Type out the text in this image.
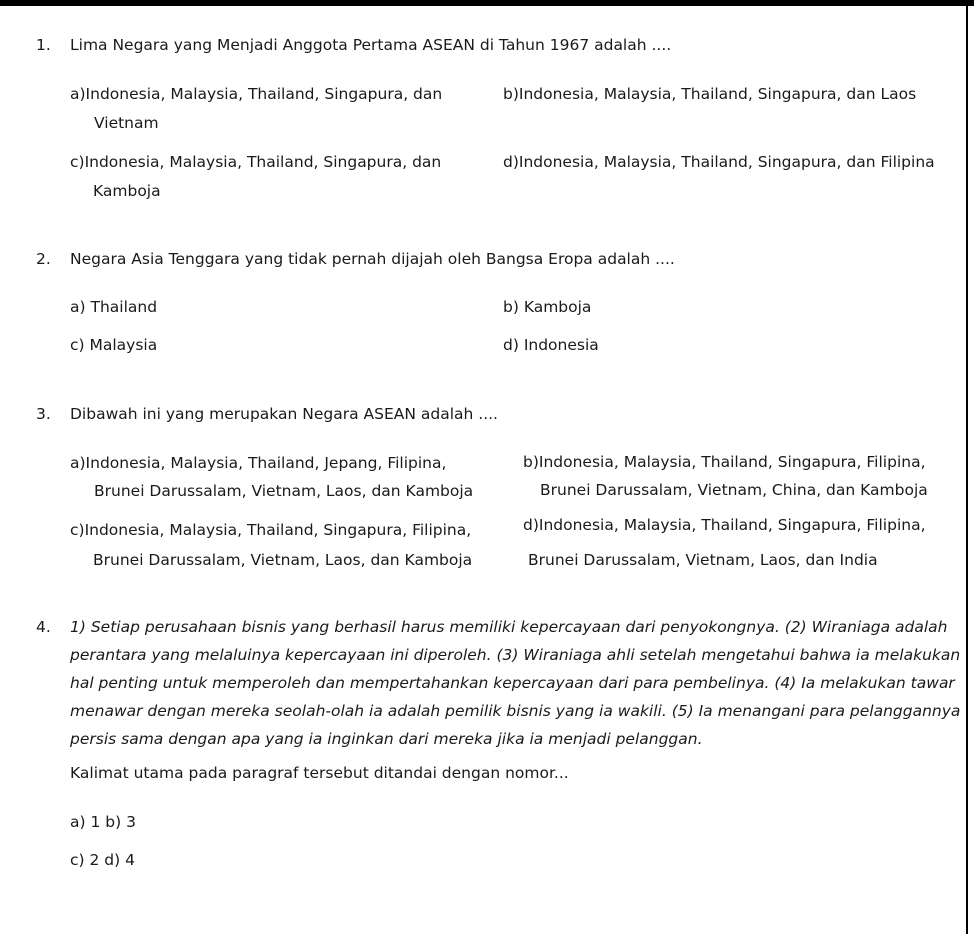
1. Lima Negara yang Menjadi Anggota Pertama ASEAN di Tahun 1967 adalah ....
a)Indonesia, Malaysia, Thailand, Singapura, dan
Vietnam
b)Indonesia, Malaysia, Thailand, Singapura, dan Laos
c)Indonesia, Malaysia, Thailand, Singapura, dan
Kamboja
d)Indonesia, Malaysia, Thailand, Singapura, dan Filipina
2. Negara Asia Tenggara yang tidak pernah dijajah oleh Bangsa Eropa adalah ....
a) Thailand	b) Kamboja
c) Malaysia	d) Indonesia
3. Dibawah ini yang merupakan Negara ASEAN adalah ....
a)Indonesia, Malaysia, Thailand, Jepang, Filipina,
Brunei Darussalam, Vietnam, Laos, dan Kamboja
b)Indonesia, Malaysia, Thailand, Singapura, Filipina,
Brunei Darussalam, Vietnam, China, dan Kamboja
c)Indonesia, Malaysia, Thailand, Singapura, Filipina,
Brunei Darussalam, Vietnam, Laos, dan Kamboja
d)Indonesia, Malaysia, Thailand, Singapura, Filipina,
Brunei Darussalam, Vietnam, Laos, dan India
4. 1) Setiap perusahaan bisnis yang berhasil harus memiliki kepercayaan dari penyokongnya. (2) Wiraniaga adalah
perantara yang melaluinya kepercayaan ini diperoleh. (3) Wiraniaga ahli setelah mengetahui bahwa ia melakukan
hal penting untuk memperoleh dan mempertahankan kepercayaan dari para pembelinya. (4) Ia melakukan tawar
menawar dengan mereka seolah-olah ia adalah pemilik bisnis yang ia wakili. (5) Ia menangani para pelanggannya
persis sama dengan apa yang ia inginkan dari mereka jika ia menjadi pelanggan.
Kalimat utama pada paragraf tersebut ditandai dengan nomor...
a) 1 b) 3
c) 2 d) 4
